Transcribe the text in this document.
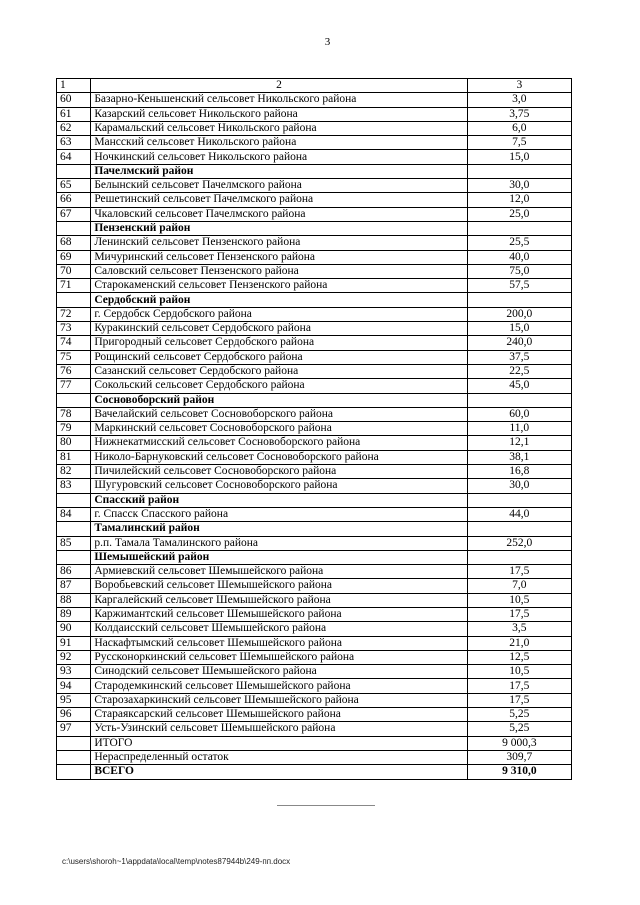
3
1	2	3
60	Базарно-Кеньшенский сельсовет Никольского района	3,0
61	Казарский сельсовет Никольского района	3,75
62	Карамальский сельсовет Никольского района	6,0
63	Мансский сельсовет Никольского района	7,5
64	Ночкинский сельсовет Никольского района	15,0
	Пачелмский район	
65	Белынский сельсовет Пачелмского района	30,0
66	Решетинский сельсовет Пачелмского района	12,0
67	Чкаловский сельсовет Пачелмского района	25,0
	Пензенский район	
68	Ленинский сельсовет Пензенского района	25,5
69	Мичуринский сельсовет Пензенского района	40,0
70	Саловский сельсовет Пензенского района	75,0
71	Старокаменский сельсовет Пензенского района	57,5
	Сердобский район	
72	г. Сердобск Сердобского района	200,0
73	Куракинский сельсовет Сердобского района	15,0
74	Пригородный сельсовет Сердобского района	240,0
75	Рощинский сельсовет Сердобского района	37,5
76	Сазанский сельсовет Сердобского района	22,5
77	Сокольский сельсовет Сердобского района	45,0
	Сосновоборский район	
78	Вачелайский сельсовет Сосновоборского района	60,0
79	Маркинский сельсовет Сосновоборского района	11,0
80	Нижнекатмисский сельсовет Сосновоборского района	12,1
81	Николо-Барнуковский сельсовет Сосновоборского района	38,1
82	Пичилейский сельсовет Сосновоборского района	16,8
83	Шугуровский сельсовет Сосновоборского района	30,0
	Спасский район	
84	г. Спасск Спасского района	44,0
	Тамалинский район	
85	р.п. Тамала Тамалинского района	252,0
	Шемышейский район	
86	Армиевский сельсовет Шемышейского района	17,5
87	Воробьевский сельсовет Шемышейского района	7,0
88	Каргалейский сельсовет Шемышейского района	10,5
89	Каржимантский сельсовет Шемышейского района	17,5
90	Колдаисский сельсовет Шемышейского района	3,5
91	Наскафтымский сельсовет Шемышейского района	21,0
92	Руссконоркинский сельсовет Шемышейского района	12,5
93	Синодский сельсовет Шемышейского района	10,5
94	Стародемкинский сельсовет Шемышейского района	17,5
95	Старозахаркинский сельсовет Шемышейского района	17,5
96	Стараяксарский сельсовет Шемышейского района	5,25
97	Усть-Узинский сельсовет Шемышейского района	5,25
	ИТОГО	9 000,3
	Нераспределенный остаток	309,7
	ВСЕГО	9 310,0
c:\users\shoroh~1\appdata\local\temp\notes87944b\249-пп.docx
